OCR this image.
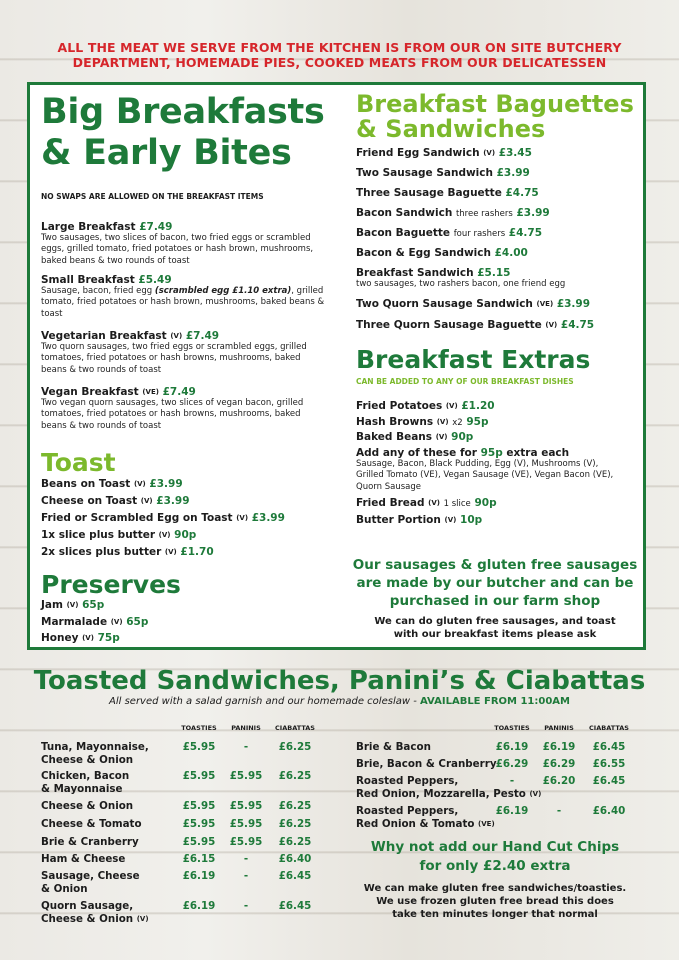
ALL THE MEAT WE SERVE FROM THE KITCHEN IS FROM OUR ON SITE BUTCHERY
DEPARTMENT, HOMEMADE PIES, COOKED MEATS FROM OUR DELICATESSEN
Big Breakfasts
& Early Bites
NO SWAPS ARE ALLOWED ON THE BREAKFAST ITEMS
Large Breakfast £7.49
Two sausages, two slices of bacon, two fried eggs or scrambled eggs, grilled tomato, fried potatoes or hash brown, mushrooms, baked beans & two rounds of toast
Small Breakfast £5.49
Sausage, bacon, fried egg (scrambled egg £1.10 extra), grilled tomato, fried potatoes or hash brown, mushrooms, baked beans & toast
Vegetarian Breakfast (V) £7.49
Two quorn sausages, two fried eggs or scrambled eggs, grilled tomatoes, fried potatoes or hash browns, mushrooms, baked beans & two rounds of toast
Vegan Breakfast (VE) £7.49
Two vegan quorn sausages, two slices of vegan bacon, grilled tomatoes, fried potatoes or hash browns, mushrooms, baked beans & two rounds of toast
Toast
Beans on Toast (V) £3.99
Cheese on Toast (V) £3.99
Fried or Scrambled Egg on Toast (V) £3.99
1x slice plus butter (V) 90p
2x slices plus butter (V) £1.70
Preserves
Jam (V) 65p
Marmalade (V) 65p
Honey (V) 75p
Breakfast Baguettes
& Sandwiches
Friend Egg Sandwich (V) £3.45
Two Sausage Sandwich £3.99
Three Sausage Baguette £4.75
Bacon Sandwich three rashers £3.99
Bacon Baguette four rashers £4.75
Bacon & Egg Sandwich £4.00
Breakfast Sandwich £5.15
two sausages, two rashers bacon, one friend egg
Two Quorn Sausage Sandwich (VE) £3.99
Three Quorn Sausage Baguette (V) £4.75
Breakfast Extras
CAN BE ADDED TO ANY OF OUR BREAKFAST DISHES
Fried Potatoes (V) £1.20
Hash Browns (V) x2 95p
Baked Beans (V) 90p
Add any of these for 95p extra each
Sausage, Bacon, Black Pudding, Egg (V), Mushrooms (V), Grilled Tomato (VE), Vegan Sausage (VE), Vegan Bacon (VE), Quorn Sausage
Fried Bread (V) 1 slice 90p
Butter Portion (V) 10p
Our sausages & gluten free sausages
are made by our butcher and can be
purchased in our farm shop
We can do gluten free sausages, and toast
with our breakfast items please ask
Toasted Sandwiches, Panini’s & Ciabattas
All served with a salad garnish and our homemade coleslaw - AVAILABLE FROM 11:00AM
TOASTIES	PANINIS	CIABATTAS	TOASTIES	PANINIS	CIABATTAS
Tuna, Mayonnaise,
Cheese & Onion
£5.95	-	£6.25
Chicken, Bacon
& Mayonnaise
£5.95	£5.95	£6.25
Cheese & Onion	£5.95	£5.95	£6.25
Cheese & Tomato	£5.95	£5.95	£6.25
Brie & Cranberry	£5.95	£5.95	£6.25
Ham & Cheese	£6.15	-	£6.40
Sausage, Cheese
& Onion
£6.19	-	£6.45
Quorn Sausage,
Cheese & Onion (V)
£6.19	-	£6.45
Brie & Bacon	£6.19	£6.19	£6.45
Brie, Bacon & Cranberry £6.29	£6.29	£6.55
Roasted Peppers,
Red Onion, Mozzarella, Pesto (V)
-	£6.20	£6.45
Roasted Peppers,
Red Onion & Tomato (VE)
£6.19	-	£6.40
Why not add our Hand Cut Chips
for only £2.40 extra
We can make gluten free sandwiches/toasties.
We use frozen gluten free bread this does
take ten minutes longer that normal
